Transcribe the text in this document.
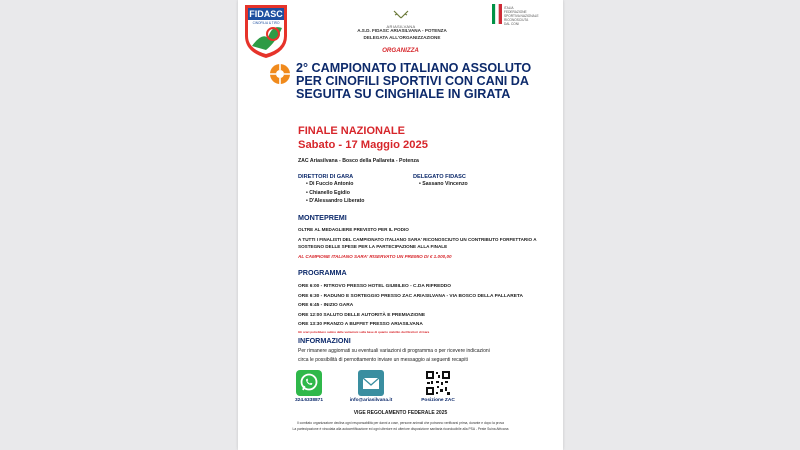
FIDASC
CINOFILIA & TIRO
ARIASILVANA
A.S.D. FIDASC ARIASILVANA - POTENZA
DELEGATA ALL'ORGANIZZAZIONE
ITALIA
FEDERAZIONE
SPORTIVA NAZIONALE
RICONOSCIUTA
DAL CONI
ORGANIZZA
2° CAMPIONATO ITALIANO ASSOLUTO PER CINOFILI SPORTIVI CON CANI DA SEGUITA SU CINGHIALE IN GIRATA
FINALE NAZIONALE
Sabato - 17 Maggio 2025
ZAC Ariasilvana - Bosco della Pallareta - Potenza
DIRETTORI DI GARA
• Di Fuccio Antonio
• Chianello Egidio
• D'Alessandro Liberato
DELEGATO FIDASC
• Sassano Vincenzo
MONTEPREMI
OLTRE AL MEDAGLIERE PREVISTO PER IL PODIO
A TUTTI I FINALISTI DEL CAMPIONATO ITALIANO SARA' RICONOSCIUTO UN CONTRIBUTO FORFETTARIO A SOSTEGNO DELLE SPESE PER LA PARTECIPAZIONE ALLA FINALE
AL CAMPIONE ITALIANO SARA' RISERVATO UN PREMIO DI € 1.000,00
PROGRAMMA
ORE 6:00 - RITROVO PRESSO HOTEL GIUBILEO - C.DA RIFREDDO
ORE 6:30 - RADUNO E SORTEGGIO PRESSO ZAC ARIASILVANA - VIA BOSCO DELLA PALLARETA
ORE 6:45 - INIZIO GARA
ORE 12:00 SALUTO DELLE AUTORITÀ E PREMIAZIONE
ORE 13:30 PRANZO A BUFFET PRESSO ARIASILVANA
Gli orari potrebbero subire delle variazioni sulla base di quanto stabilito dai Direttori di Gara
INFORMAZIONI
Per rimanere aggiornati su eventuali variazioni di programma o per ricevere indicazioni
circa le possibilità di pernottamento inviare un messaggio ai seguenti recapiti
324.6338871	info@ariasilvana.it	Posizione ZAC
VIGE REGOLAMENTO FEDERALE 2025
Il comitato organizzatore declina ogni responsabilità per danni a cose, persone animali che potranno verificarsi prima, durante e dopo la prova
La partecipazione è vincolata alla autocertificazione ed ogni ulteriore ed ulteriore disposizione sanitaria riconducibile alla PSA - Peste Suina Africana
